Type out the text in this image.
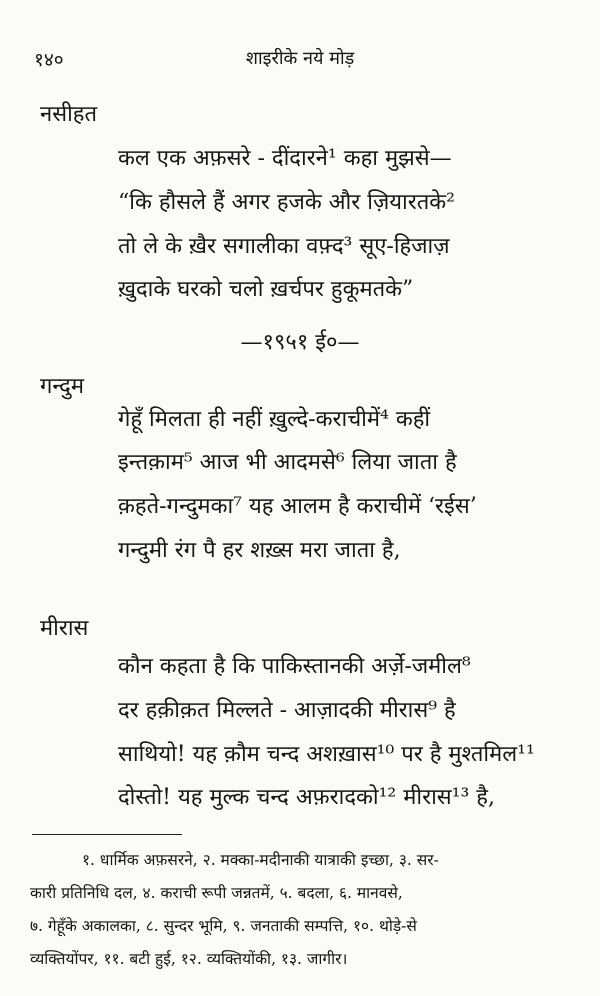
१४०	शाइरीके नये मोड़
नसीहत
कल एक अफ़सरे - दींदारने¹ कहा मुझसे—
“कि हौसले हैं अगर हजके और ज़ियारतके²
तो ले के ख़ैर सगालीका वफ़्द³ सूए-हिजाज़
ख़ुदाके घरको चलो ख़र्चपर हुकूमतके”
—१९५१ ई०—
गन्दुम
गेहूँ मिलता ही नहीं ख़ुल्दे-कराचीमें⁴ कहीं
इन्तक़ाम⁵ आज भी आदमसे⁶ लिया जाता है
क़हते-गन्दुमका⁷ यह आलम है कराचीमें ‘रईस’
गन्दुमी रंग पै हर शख़्स मरा जाता है,
मीरास
कौन कहता है कि पाकिस्तानकी अर्ज़े-जमील⁸
दर हक़ीक़त मिल्लते - आज़ादकी मीरास⁹ है
साथियो! यह क़ौम चन्द अशख़ास¹⁰ पर है मुश्तमिल¹¹
दोस्तो! यह मुल्क चन्द अफ़रादको¹² मीरास¹³ है,
१. धार्मिक अफ़सरने, २. मक्का-मदीनाकी यात्राकी इच्छा, ३. सर-
कारी प्रतिनिधि दल, ४. कराची रूपी जन्नतमें, ५. बदला, ६. मानवसे,
७. गेहूँके अकालका, ८. सुन्दर भूमि, ९. जनताकी सम्पत्ति, १०. थोड़े-से
व्यक्तियोंपर, ११. बटी हुई, १२. व्यक्तियोंकी, १३. जागीर।
